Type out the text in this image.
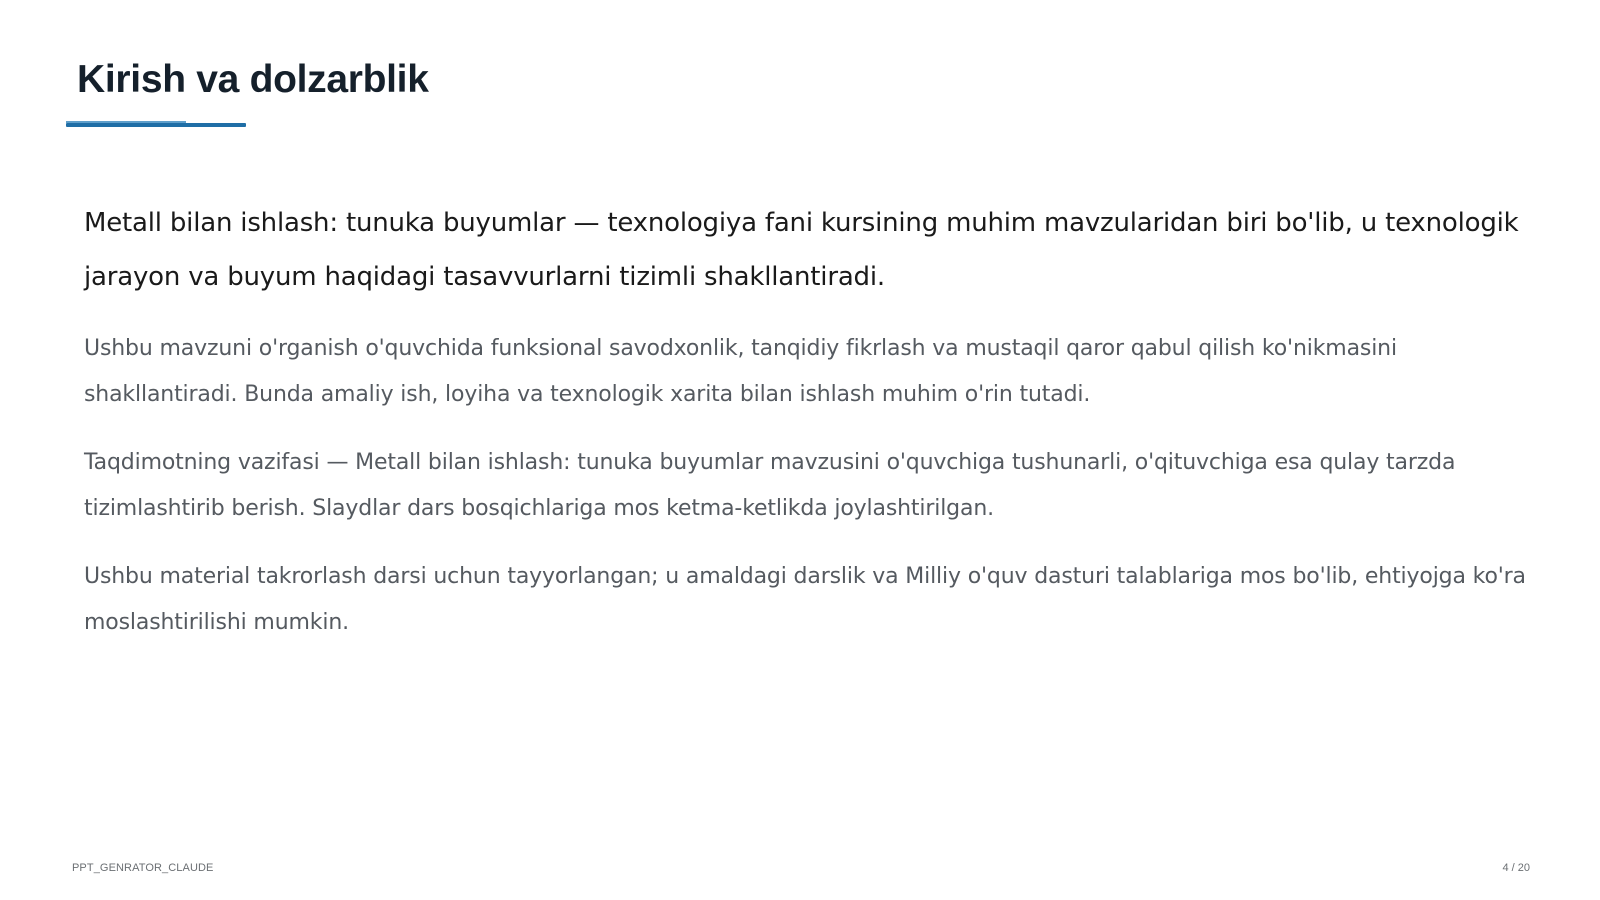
Kirish va dolzarblik

Metall bilan ishlash: tunuka buyumlar — texnologiya fani kursining muhim mavzularidan biri bo'lib, u texnologik jarayon va buyum haqidagi tasavvurlarni tizimli shakllantiradi.

Ushbu mavzuni o'rganish o'quvchida funksional savodxonlik, tanqidiy fikrlash va mustaqil qaror qabul qilish ko'nikmasini shakllantiradi. Bunda amaliy ish, loyiha va texnologik xarita bilan ishlash muhim o'rin tutadi.

Taqdimotning vazifasi — Metall bilan ishlash: tunuka buyumlar mavzusini o'quvchiga tushunarli, o'qituvchiga esa qulay tarzda tizimlashtirib berish. Slaydlar dars bosqichlariga mos ketma-ketlikda joylashtirilgan.

Ushbu material takrorlash darsi uchun tayyorlangan; u amaldagi darslik va Milliy o'quv dasturi talablariga mos bo'lib, ehtiyojga ko'ra moslashtirilishi mumkin.

PPT_GENRATOR_CLAUDE	4 / 20
